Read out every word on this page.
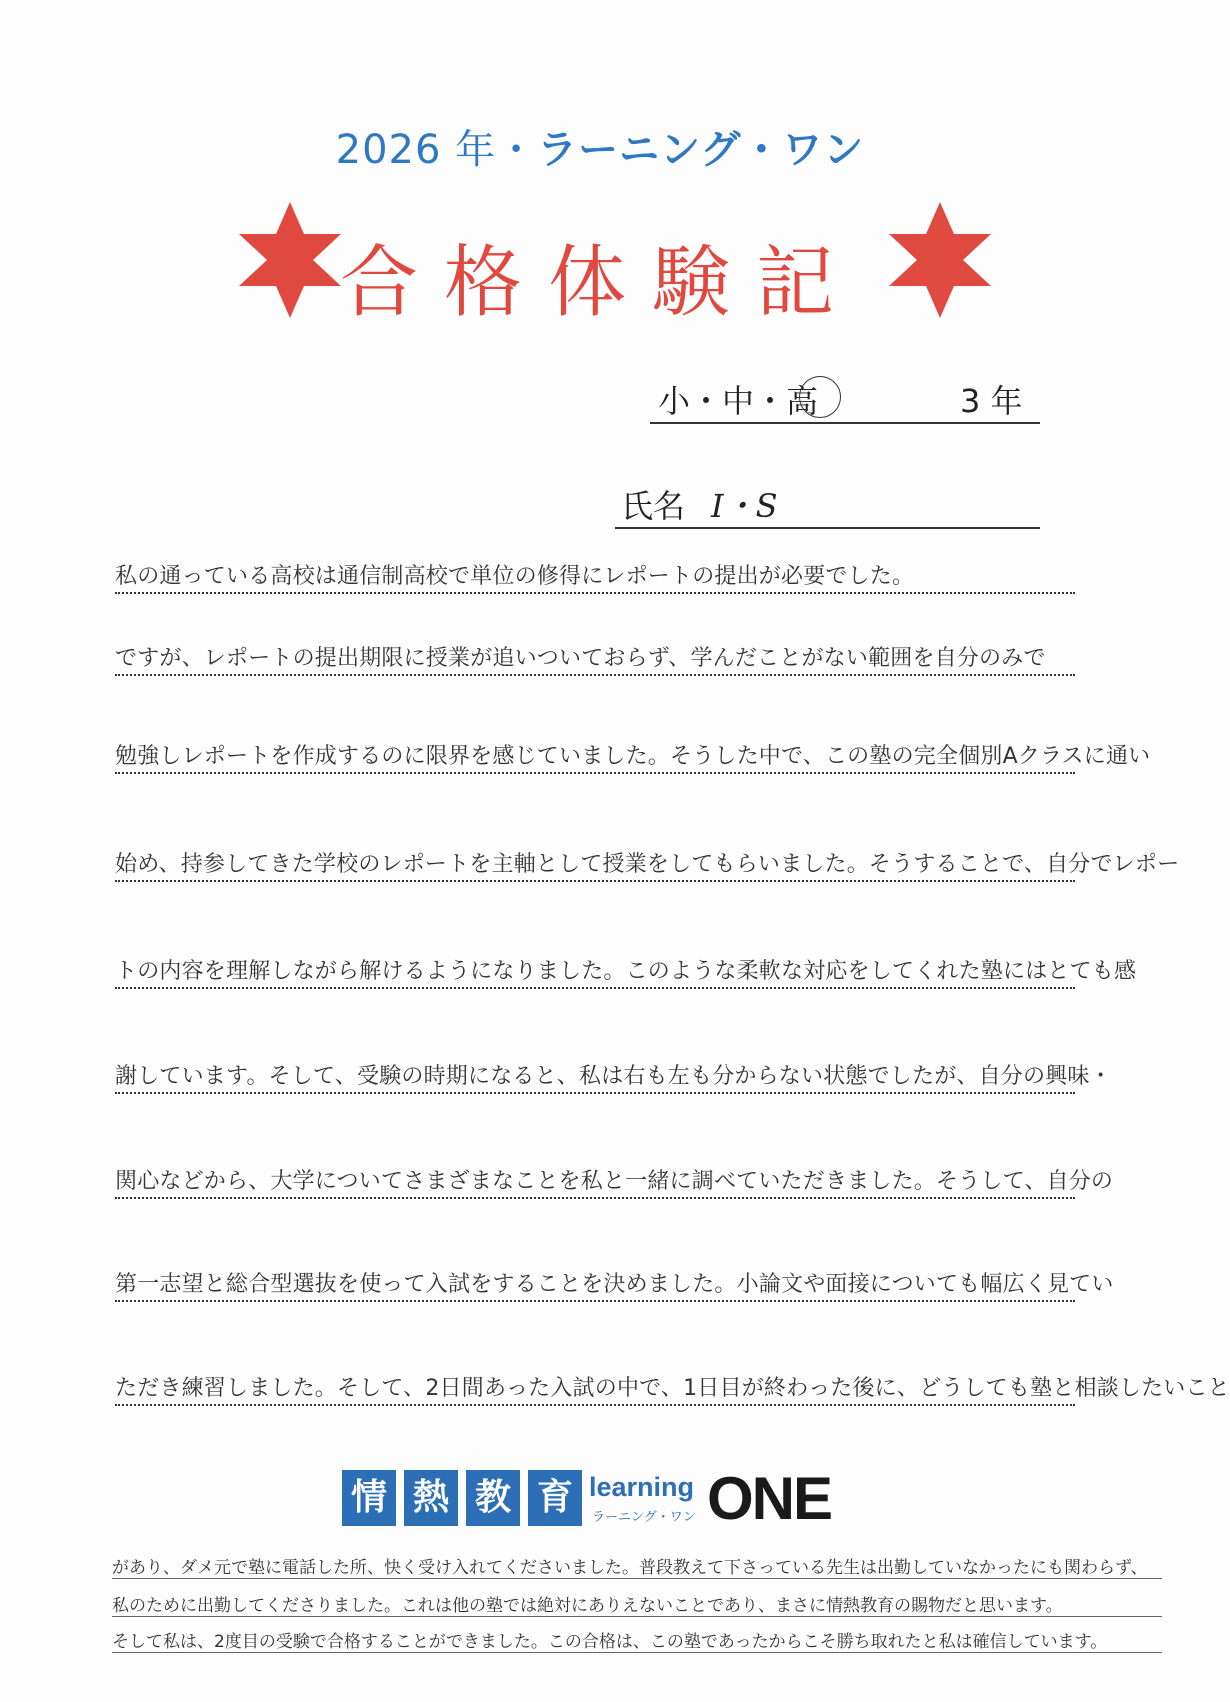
2026 年・ラーニング・ワン
合格体験記
小・中・高	3 年
氏名 I・S
私の通っている高校は通信制高校で単位の修得にレポートの提出が必要でした。
ですが、レポートの提出期限に授業が追いついておらず、学んだことがない範囲を自分のみで
勉強しレポートを作成するのに限界を感じていました。そうした中で、この塾の完全個別Aクラスに通い
始め、持参してきた学校のレポートを主軸として授業をしてもらいました。そうすることで、自分でレポー
トの内容を理解しながら解けるようになりました。このような柔軟な対応をしてくれた塾にはとても感
謝しています。そして、受験の時期になると、私は右も左も分からない状態でしたが、自分の興味・
関心などから、大学についてさまざまなことを私と一緒に調べていただきました。そうして、自分の
第一志望と総合型選抜を使って入試をすることを決めました。小論文や面接についても幅広く見てい
ただき練習しました。そして、2日間あった入試の中で、1日目が終わった後に、どうしても塾と相談したいこと
情 熱 教 育 learning
ラーニング・ワン ONE
があり、ダメ元で塾に電話した所、快く受け入れてくださいました。普段教えて下さっている先生は出勤していなかったにも関わらず、
私のために出勤してくださりました。これは他の塾では絶対にありえないことであり、まさに情熱教育の賜物だと思います。
そして私は、2度目の受験で合格することができました。この合格は、この塾であったからこそ勝ち取れたと私は確信しています。
